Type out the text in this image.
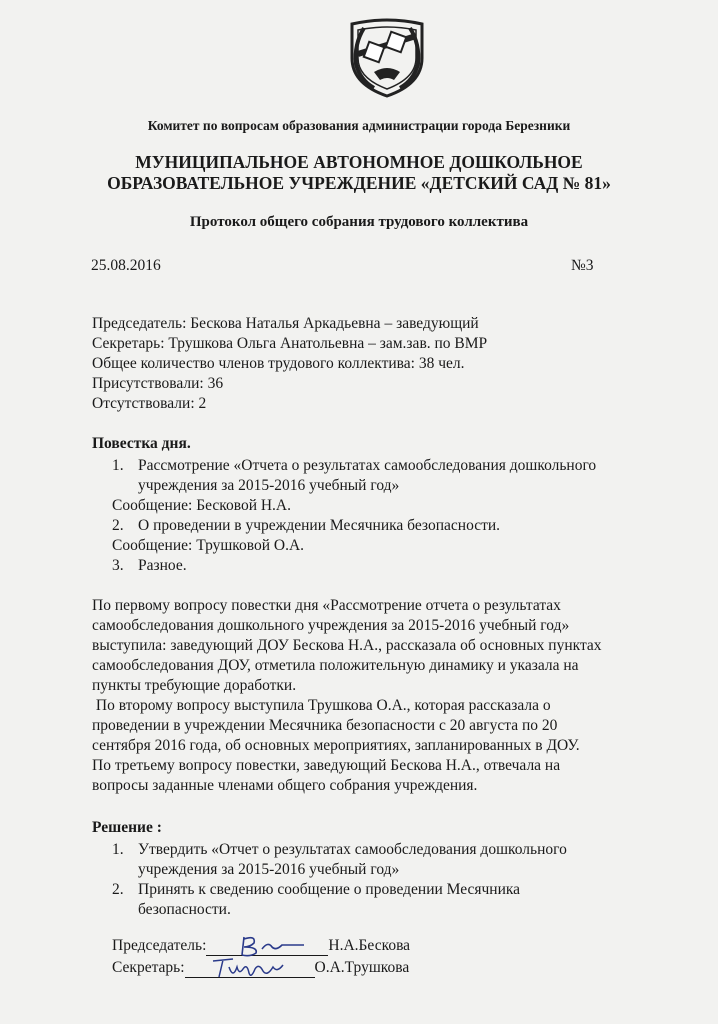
Комитет по вопросам образования администрации города Березники
МУНИЦИПАЛЬНОЕ АВТОНОМНОЕ ДОШКОЛЬНОЕ
ОБРАЗОВАТЕЛЬНОЕ УЧРЕЖДЕНИЕ «ДЕТСКИЙ САД № 81»
Протокол общего собрания трудового коллектива
25.08.2016	№3
Председатель: Бескова Наталья Аркадьевна – заведующий
Секретарь: Трушкова Ольга Анатольевна – зам.зав. по ВМР
Общее количество членов трудового коллектива: 38 чел.
Присутствовали: 36
Отсутствовали: 2
Повестка дня.
1. Рассмотрение «Отчета о результатах самообследования дошкольного учреждения за 2015-2016 учебный год»
Сообщение: Бесковой Н.А.
2. О проведении в учреждении Месячника безопасности.
Сообщение: Трушковой О.А.
3. Разное.
По первому вопросу повестки дня «Рассмотрение отчета о результатах
самообследования дошкольного учреждения за 2015-2016 учебный год»
выступила: заведующий ДОУ Бескова Н.А., рассказала об основных пунктах
самообследования ДОУ, отметила положительную динамику и указала на
пункты требующие доработки.
По второму вопросу выступила Трушкова О.А., которая рассказала о
проведении в учреждении Месячника безопасности с 20 августа по 20
сентября 2016 года, об основных мероприятиях, запланированных в ДОУ.
По третьему вопросу повестки, заведующий Бескова Н.А., отвечала на
вопросы заданные членами общего собрания учреждения.
Решение :
1. Утвердить «Отчет о результатах самообследования дошкольного учреждения за 2015-2016 учебный год»
2. Принять к сведению сообщение о проведении Месячника безопасности.
Председатель:	Н.А.Бескова
Секретарь:	О.А.Трушкова
